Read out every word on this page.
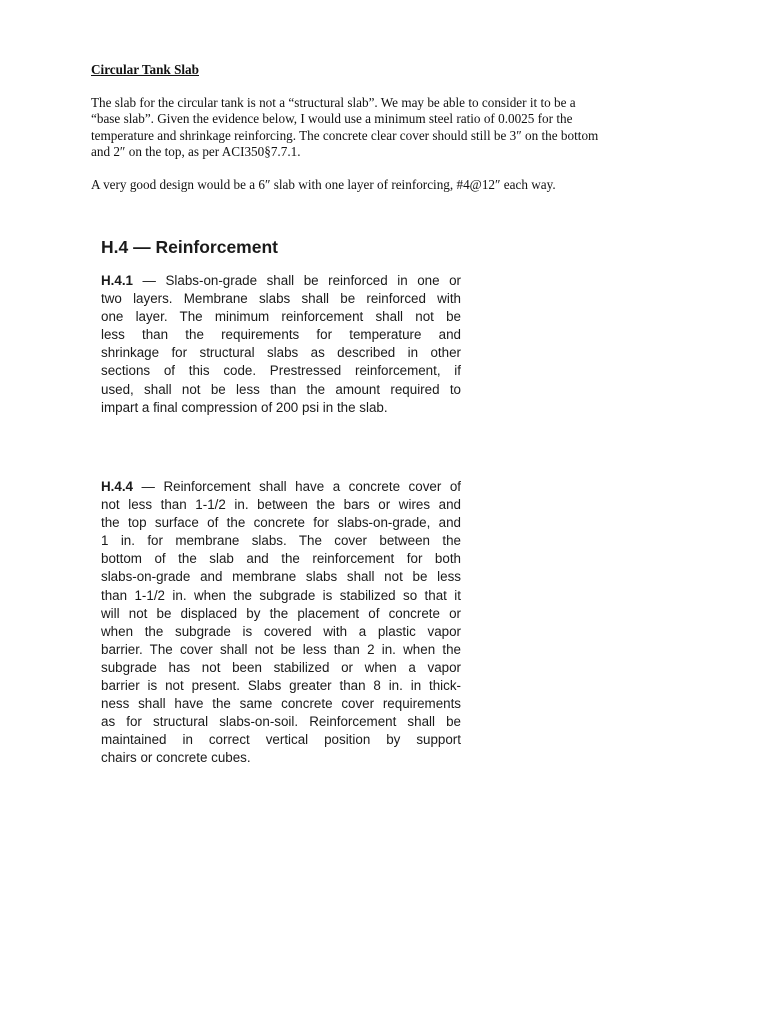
Circular Tank Slab

The slab for the circular tank is not a “structural slab”. We may be able to consider it to be a
“base slab”. Given the evidence below, I would use a minimum steel ratio of 0.0025 for the
temperature and shrinkage reinforcing. The concrete clear cover should still be 3″ on the bottom
and 2″ on the top, as per ACI350§7.7.1.

A very good design would be a 6″ slab with one layer of reinforcing, #4@12″ each way.

H.4 — Reinforcement
H.4.1 — Slabs-on-grade shall be reinforced in one or
two layers. Membrane slabs shall be reinforced with
one layer. The minimum reinforcement shall not be
less than the requirements for temperature and
shrinkage for structural slabs as described in other
sections of this code. Prestressed reinforcement, if
used, shall not be less than the amount required to
impart a final compression of 200 psi in the slab.
H.4.4 — Reinforcement shall have a concrete cover of
not less than 1-1/2 in. between the bars or wires and
the top surface of the concrete for slabs-on-grade, and
1 in. for membrane slabs. The cover between the
bottom of the slab and the reinforcement for both
slabs-on-grade and membrane slabs shall not be less
than 1-1/2 in. when the subgrade is stabilized so that it
will not be displaced by the placement of concrete or
when the subgrade is covered with a plastic vapor
barrier. The cover shall not be less than 2 in. when the
subgrade has not been stabilized or when a vapor
barrier is not present. Slabs greater than 8 in. in thick-
ness shall have the same concrete cover requirements
as for structural slabs-on-soil. Reinforcement shall be
maintained in correct vertical position by support
chairs or concrete cubes.
